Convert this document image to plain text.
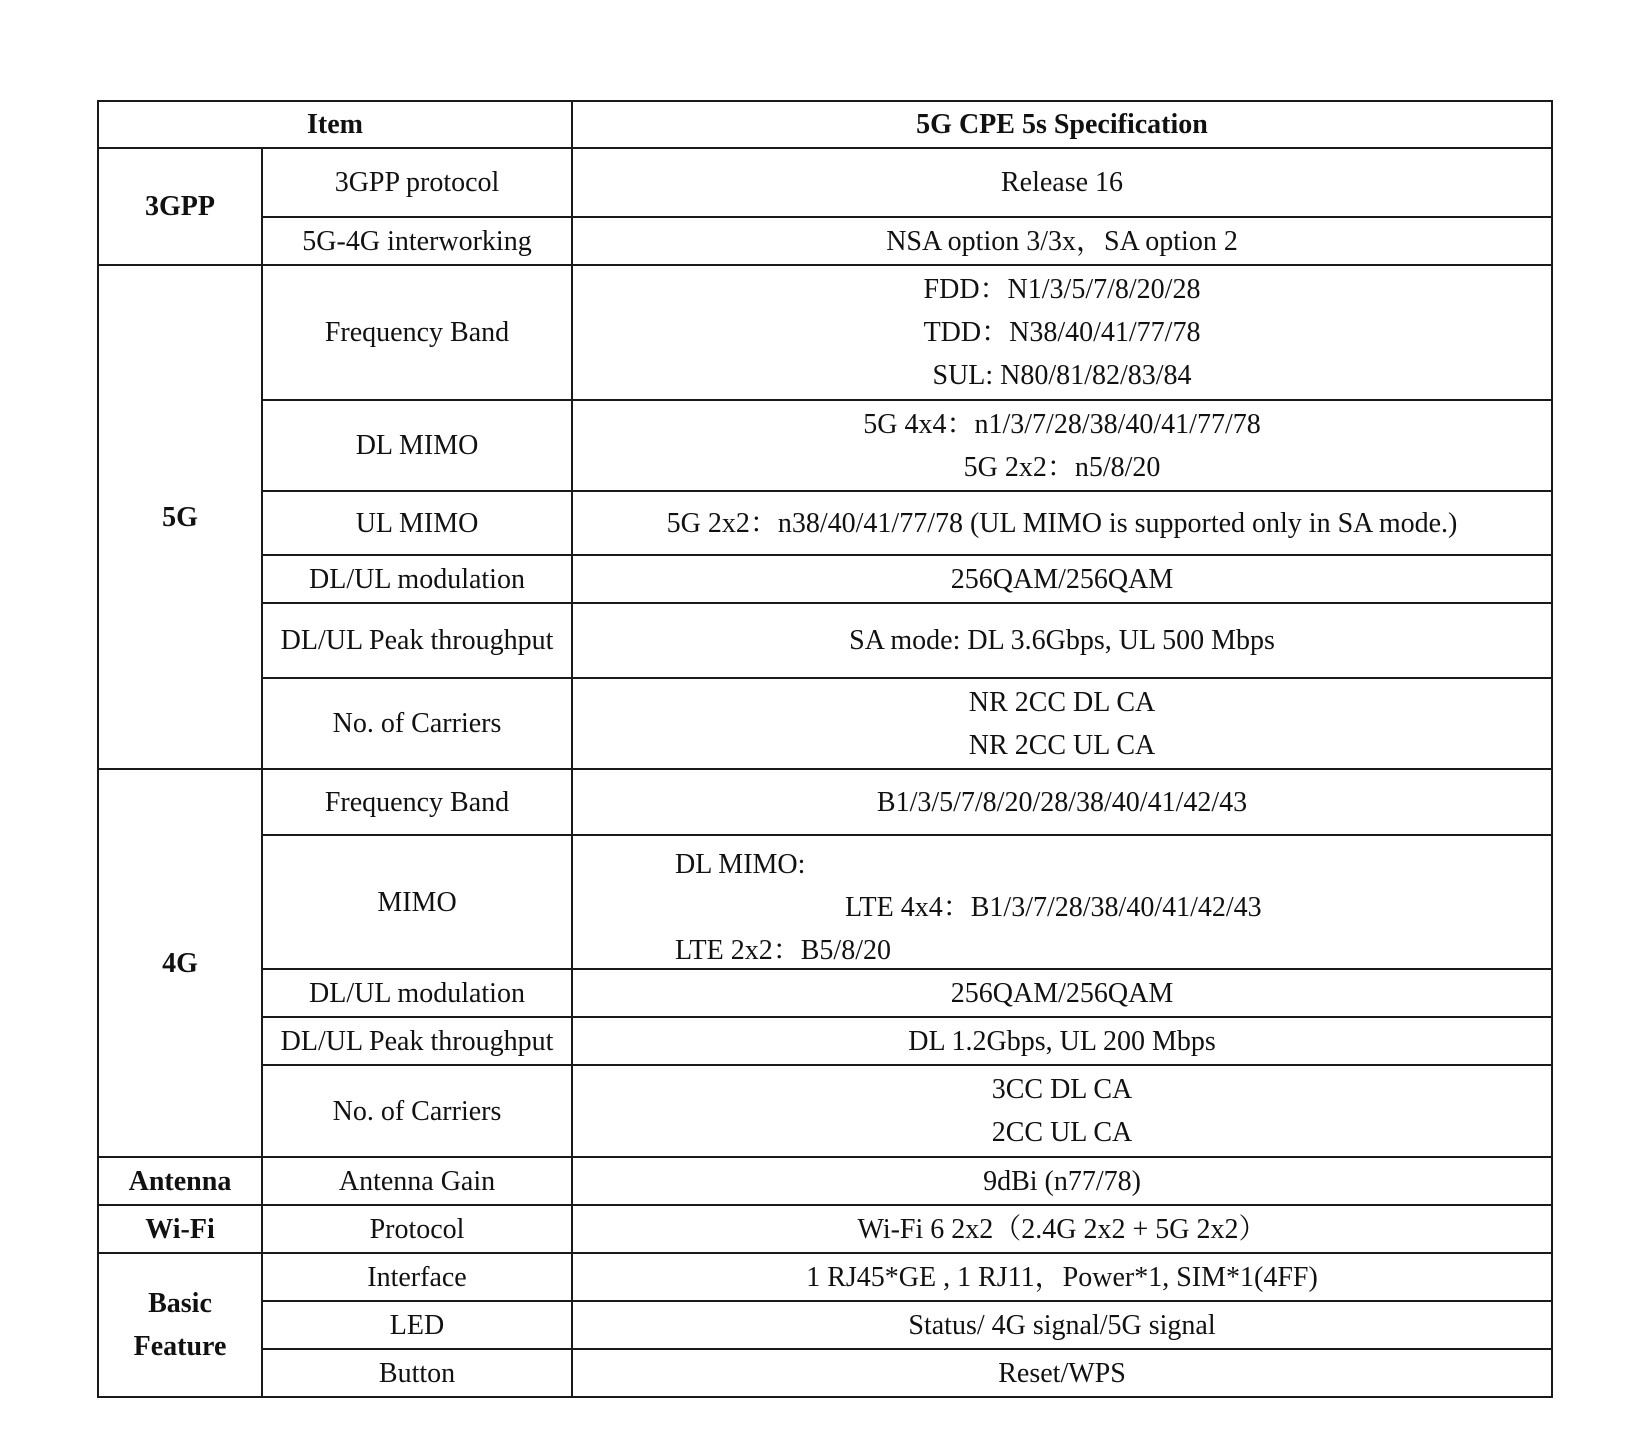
Item		5G CPE 5s Specification
3GPP	3GPP protocol	Release 16
	5G-4G interworking	NSA option 3/3x，SA option 2
5G	Frequency Band	FDD：N1/3/5/7/8/20/28
TDD：N38/40/41/77/78
SUL: N80/81/82/83/84

	DL MIMO	5G 4x4：n1/3/7/28/38/40/41/77/78
5G 2x2：n5/8/20

	UL MIMO	5G 2x2：n38/40/41/77/78 (UL MIMO is supported only in SA mode.)
	DL/UL modulation	256QAM/256QAM
	DL/UL Peak throughput	SA mode: DL 3.6Gbps, UL 500 Mbps
	No. of Carriers	NR 2CC DL CA
NR 2CC UL CA

4G	Frequency Band	B1/3/5/7/8/20/28/38/40/41/42/43
	MIMO	DL MIMO:
LTE 4x4：B1/3/7/28/38/40/41/42/43
LTE 2x2：B5/8/20

	DL/UL modulation	256QAM/256QAM
	DL/UL Peak throughput	DL 1.2Gbps, UL 200 Mbps
	No. of Carriers	3CC DL CA
2CC UL CA

Antenna	Antenna Gain	9dBi (n77/78)
Wi-Fi	Protocol	Wi-Fi 6 2x2（2.4G 2x2 + 5G 2x2）

Basic
Feature	Interface	1 RJ45*GE , 1 RJ11，Power*1, SIM*1(4FF)
	LED	Status/ 4G signal/5G signal
	Button	Reset/WPS
